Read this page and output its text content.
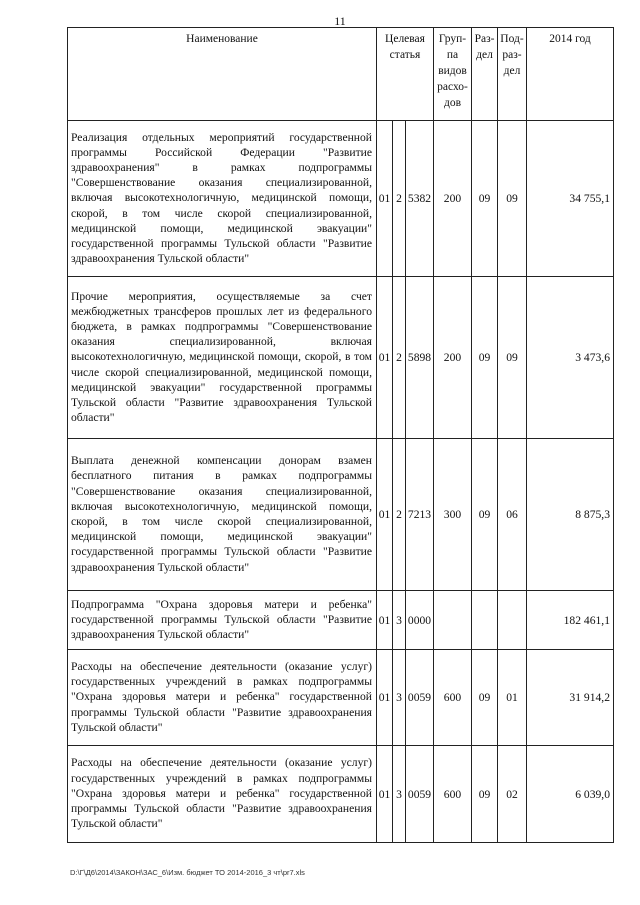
11
Наименование	Целевая статья			Груп-па видов расхо-дов	Раз-дел	Под-раз-дел	2014 год
Реализация отдельных мероприятий государственной программы Российской Федерации "Развитие здравоохранения" в рамках подпрограммы "Совершенствование оказания специализированной, включая высокотехнологичную, медицинской помощи, скорой, в том числе скорой специализированной, медицинской помощи, медицинской эвакуации" государственной программы Тульской области "Развитие здравоохранения Тульской области"	01	2	5382	200	09	09	34 755,1
Прочие мероприятия, осуществляемые за счет межбюджетных трансферов прошлых лет из федерального бюджета, в рамках подпрограммы "Совершенствование оказания специализированной, включая высокотехнологичную, медицинской помощи, скорой, в том числе скорой специализированной, медицинской помощи, медицинской эвакуации" государственной программы Тульской области "Развитие здравоохранения Тульской области"	01	2	5898	200	09	09	3 473,6
Выплата денежной компенсации донорам взамен бесплатного питания в рамках подпрограммы "Совершенствование оказания специализированной, включая высокотехнологичную, медицинской помощи, скорой, в том числе скорой специализированной, медицинской помощи, медицинской эвакуации" государственной программы Тульской области "Развитие здравоохранения Тульской области"	01	2	7213	300	09	06	8 875,3
Подпрограмма "Охрана здоровья матери и ребенка" государственной программы Тульской области "Развитие здравоохранения Тульской области"	01	3	0000				182 461,1
Расходы на обеспечение деятельности (оказание услуг) государственных учреждений в рамках подпрограммы "Охрана здоровья матери и ребенка" государственной программы Тульской области "Развитие здравоохранения Тульской области"	01	3	0059	600	09	01	31 914,2
Расходы на обеспечение деятельности (оказание услуг) государственных учреждений в рамках подпрограммы "Охрана здоровья матери и ребенка" государственной программы Тульской области "Развитие здравоохранения Тульской области"	01	3	0059	600	09	02	6 039,0
D:\Г\Д6\2014\ЗАКОН\ЗАС_6\Изм. бюджет ТО 2014-2016_3 чт\pr7.xls
